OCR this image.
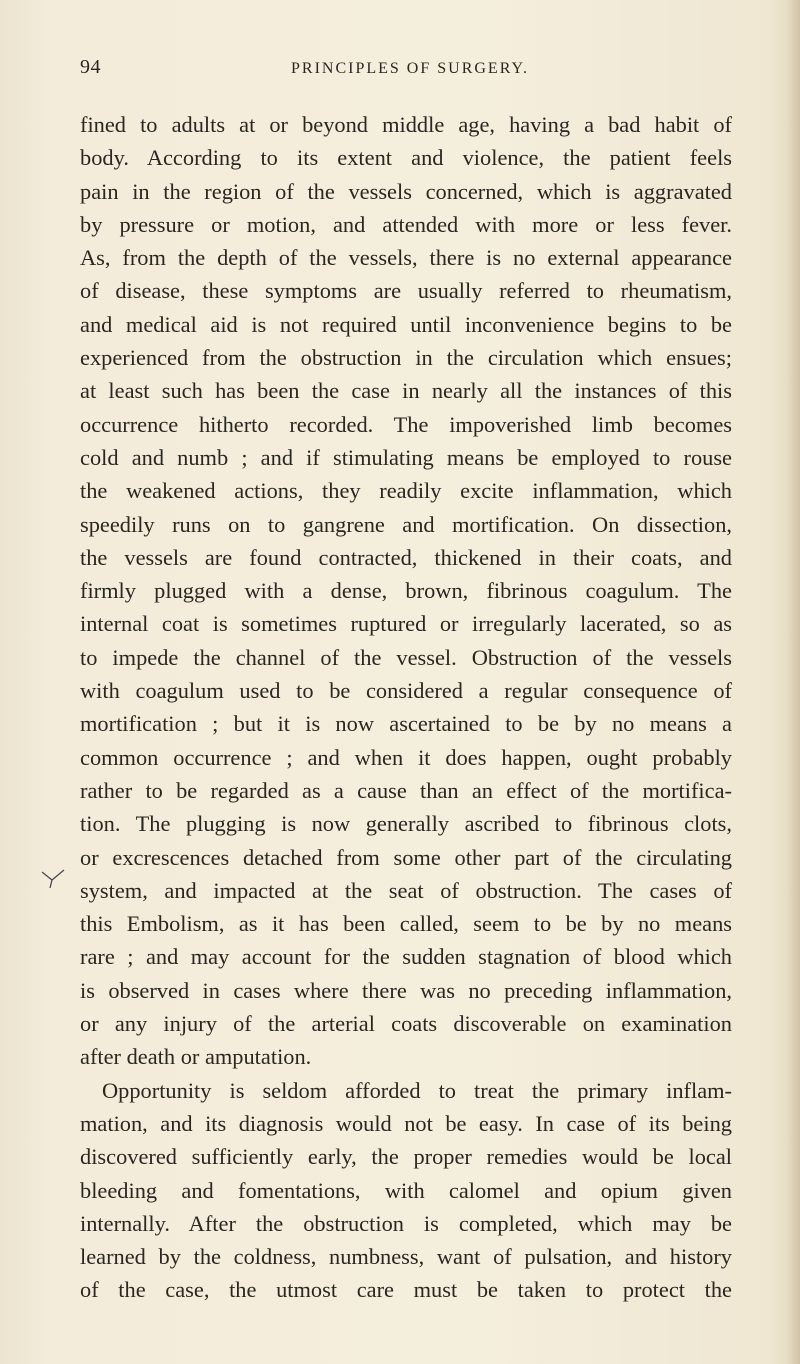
94	PRINCIPLES OF SURGERY.
fined to adults at or beyond middle age, having a bad habit of
body. According to its extent and violence, the patient feels
pain in the region of the vessels concerned, which is aggravated
by pressure or motion, and attended with more or less fever.
As, from the depth of the vessels, there is no external appearance
of disease, these symptoms are usually referred to rheumatism,
and medical aid is not required until inconvenience begins to be
experienced from the obstruction in the circulation which ensues;
at least such has been the case in nearly all the instances of this
occurrence hitherto recorded. The impoverished limb becomes
cold and numb ; and if stimulating means be employed to rouse
the weakened actions, they readily excite inflammation, which
speedily runs on to gangrene and mortification. On dissection,
the vessels are found contracted, thickened in their coats, and
firmly plugged with a dense, brown, fibrinous coagulum. The
internal coat is sometimes ruptured or irregularly lacerated, so as
to impede the channel of the vessel. Obstruction of the vessels
with coagulum used to be considered a regular consequence of
mortification ; but it is now ascertained to be by no means a
common occurrence ; and when it does happen, ought probably
rather to be regarded as a cause than an effect of the mortifica-
tion. The plugging is now generally ascribed to fibrinous clots,
or excrescences detached from some other part of the circulating
system, and impacted at the seat of obstruction. The cases of
this Embolism, as it has been called, seem to be by no means
rare ; and may account for the sudden stagnation of blood which
is observed in cases where there was no preceding inflammation,
or any injury of the arterial coats discoverable on examination
after death or amputation.
Opportunity is seldom afforded to treat the primary inflam-
mation, and its diagnosis would not be easy. In case of its being
discovered sufficiently early, the proper remedies would be local
bleeding and fomentations, with calomel and opium given
internally. After the obstruction is completed, which may be
learned by the coldness, numbness, want of pulsation, and history
of the case, the utmost care must be taken to protect the
